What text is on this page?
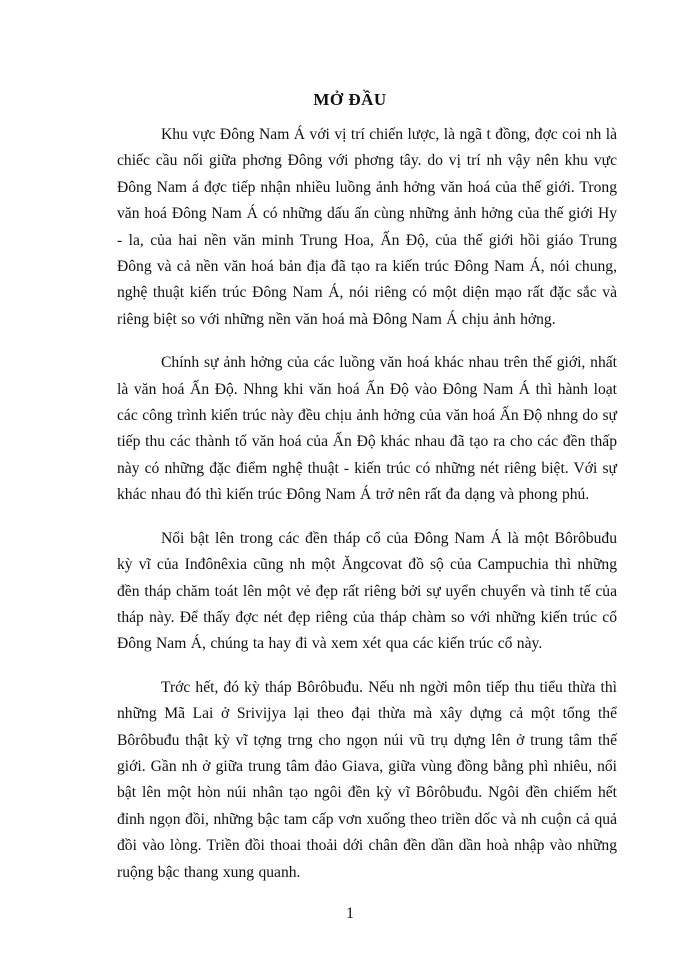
MỞ ĐẦU

Khu vực Đông Nam Á với vị trí chiến lược, là ngã t đồng, đợc coi nh là chiếc cầu nối giữa phơng Đông với phơng tây. do vị trí nh vậy nên khu vực Đông Nam á đợc tiếp nhận nhiều luồng ảnh hởng văn hoá của thế giới. Trong văn hoá Đông Nam Á có những dấu ấn cùng những ảnh hởng của thế giới Hy - la, của hai nền văn minh Trung Hoa, Ấn Độ, của thế giới hồi giáo Trung Đông và cả nền văn hoá bản địa đã tạo ra kiến trúc Đông Nam Á, nói chung, nghệ thuật kiến trúc Đông Nam Á, nói riêng có một diện mạo rất đặc sắc và riêng biệt so với những nền văn hoá mà Đông Nam Á chịu ảnh hởng.

Chính sự ảnh hởng của các luồng văn hoá khác nhau trên thế giới, nhất là văn hoá Ấn Độ. Nhng khi văn hoá Ấn Độ vào Đông Nam Á thì hành loạt các công trình kiến trúc này đều chịu ảnh hởng của văn hoá Ấn Độ nhng do sự tiếp thu các thành tố văn hoá của Ấn Độ khác nhau đã tạo ra cho các đền thấp này có những đặc điểm nghệ thuật - kiến trúc có những nét riêng biệt. Với sự khác nhau đó thì kiến trúc Đông Nam Á trở nên rất đa dạng và phong phú.

Nổi bật lên trong các đền tháp cổ của Đông Nam Á là một Bôrôbuđu kỳ vĩ của Inđônêxia cũng nh một Ăngcovat đồ sộ của Campuchia thì những đền tháp chăm toát lên một vẻ đẹp rất riêng bởi sự uyển chuyển và tinh tế của tháp này. Để thấy đợc nét đẹp riêng của tháp chàm so với những kiến trúc cổ Đông Nam Á, chúng ta hay đi và xem xét qua các kiến trúc cổ này.

Trớc hết, đó kỳ tháp Bôrôbuđu. Nếu nh ngời môn tiếp thu tiểu thừa thì những Mã Lai ở Srivijya lại theo đại thừa mà xây dựng cả một tổng thể Bôrôbuđu thật kỳ vĩ tợng trng cho ngọn núi vũ trụ dựng lên ở trung tâm thế giới. Gần nh ở giữa trung tâm đảo Giava, giữa vùng đồng bằng phì nhiêu, nổi bật lên một hòn núi nhân tạo ngôi đền kỳ vĩ Bôrôbuđu. Ngôi đền chiếm hết đỉnh ngọn đồi, những bậc tam cấp vơn xuống theo triền dốc và nh cuộn cả quả đồi vào lòng. Triền đồi thoai thoải dới chân đền dần dần hoà nhập vào những ruộng bậc thang xung quanh.

1
